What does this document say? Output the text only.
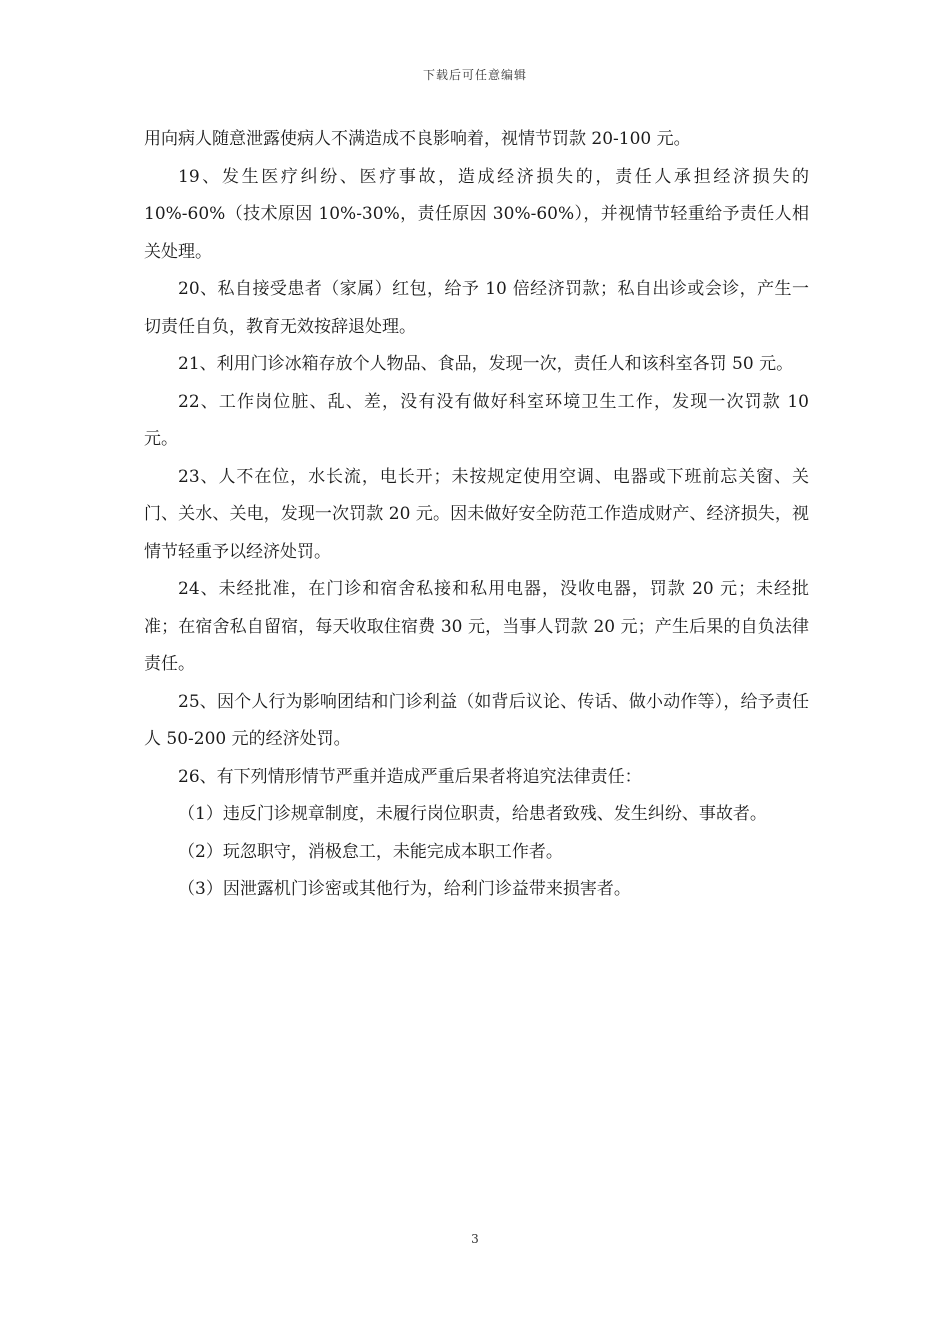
下载后可任意编辑

用向病人随意泄露使病人不满造成不良影响着，视情节罚款 20-100 元。

19、发生医疗纠纷、医疗事故，造成经济损失的，责任人承担经济损失的 10%-60%（技术原因 10%-30%，责任原因 30%-60%），并视情节轻重给予责任人相关处理。

20、私自接受患者（家属）红包，给予 10 倍经济罚款；私自出诊或会诊，产生一切责任自负，教育无效按辞退处理。

21、利用门诊冰箱存放个人物品、食品，发现一次，责任人和该科室各罚 50 元。

22、工作岗位脏、乱、差，没有没有做好科室环境卫生工作，发现一次罚款 10 元。

23、人不在位，水长流，电长开；未按规定使用空调、电器或下班前忘关窗、关门、关水、关电，发现一次罚款 20 元。因未做好安全防范工作造成财产、经济损失，视情节轻重予以经济处罚。

24、未经批准，在门诊和宿舍私接和私用电器，没收电器，罚款 20 元；未经批准；在宿舍私自留宿，每天收取住宿费 30 元，当事人罚款 20 元；产生后果的自负法律责任。

25、因个人行为影响团结和门诊利益（如背后议论、传话、做小动作等），给予责任人 50-200 元的经济处罚。

26、有下列情形情节严重并造成严重后果者将追究法律责任：

（1）违反门诊规章制度，未履行岗位职责，给患者致残、发生纠纷、事故者。

（2）玩忽职守，消极怠工，未能完成本职工作者。

（3）因泄露机门诊密或其他行为，给利门诊益带来损害者。

3
